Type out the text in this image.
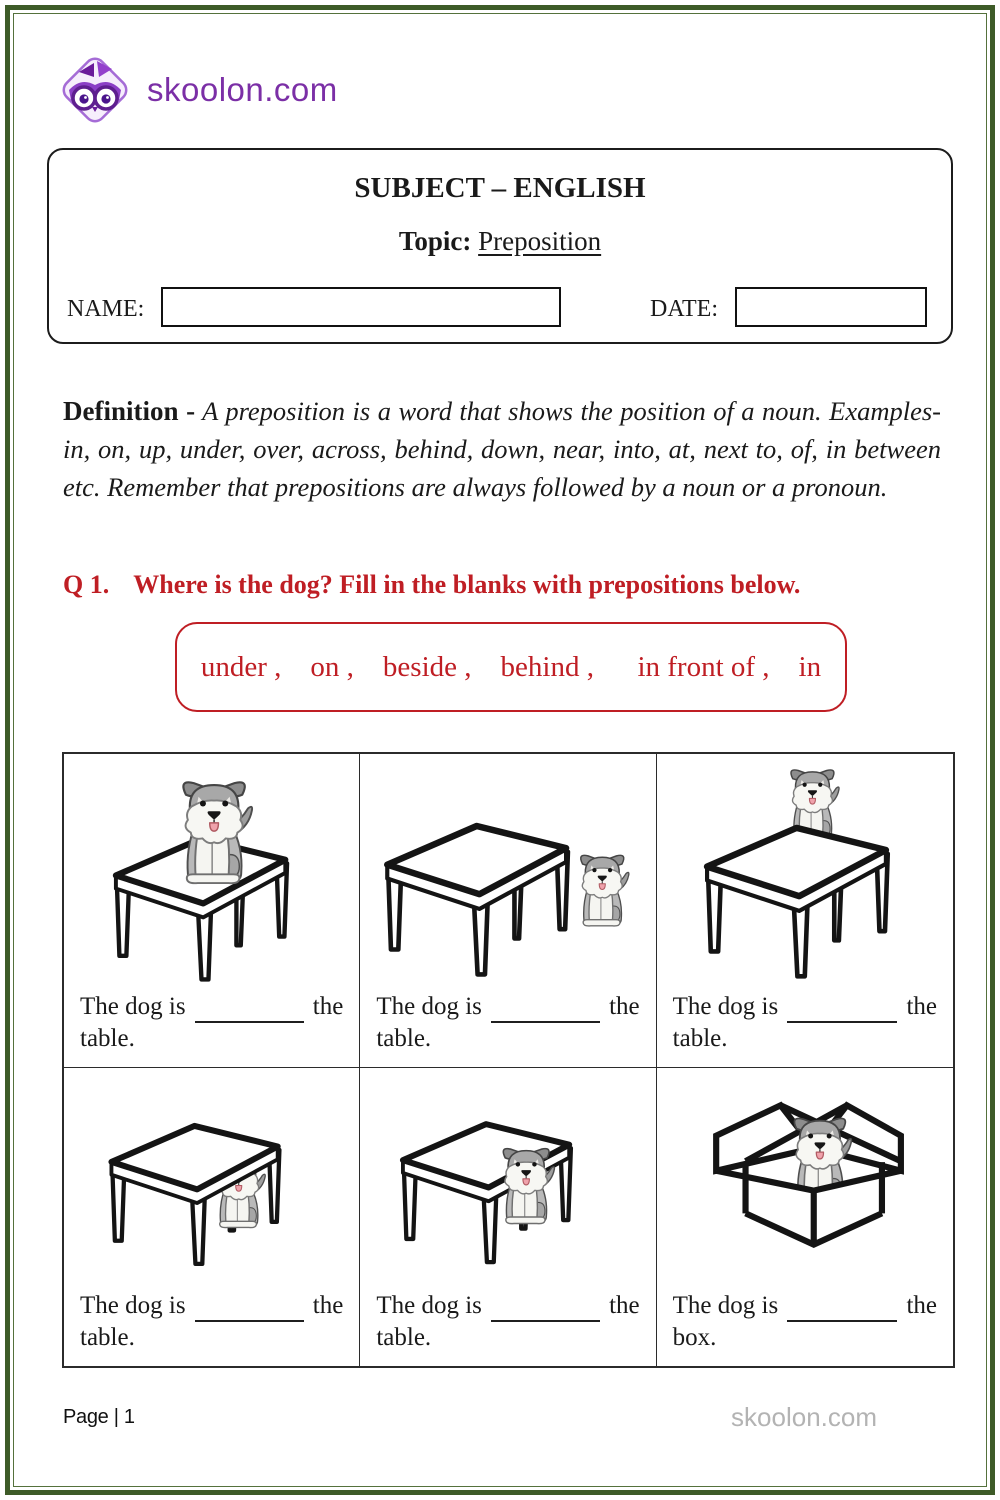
skoolon.com
SUBJECT – ENGLISH
Topic: Preposition
NAME:	DATE:

Definition - A preposition is a word that shows the position of a noun. Examples- in, on, up, under, over, across, behind, down, near, into, at, next to, of, in between etc. Remember that prepositions are always followed by a noun or a pronoun.

Q 1. Where is the dog? Fill in the blanks with prepositions below.
under ,  on ,  beside ,  behind ,   in front of ,  in
The dog is	the
table.
The dog is	the
table.
The dog is	the
table.
The dog is	the
table.
The dog is	the
table.
The dog is	the
box.
Page | 1	skoolon.com
